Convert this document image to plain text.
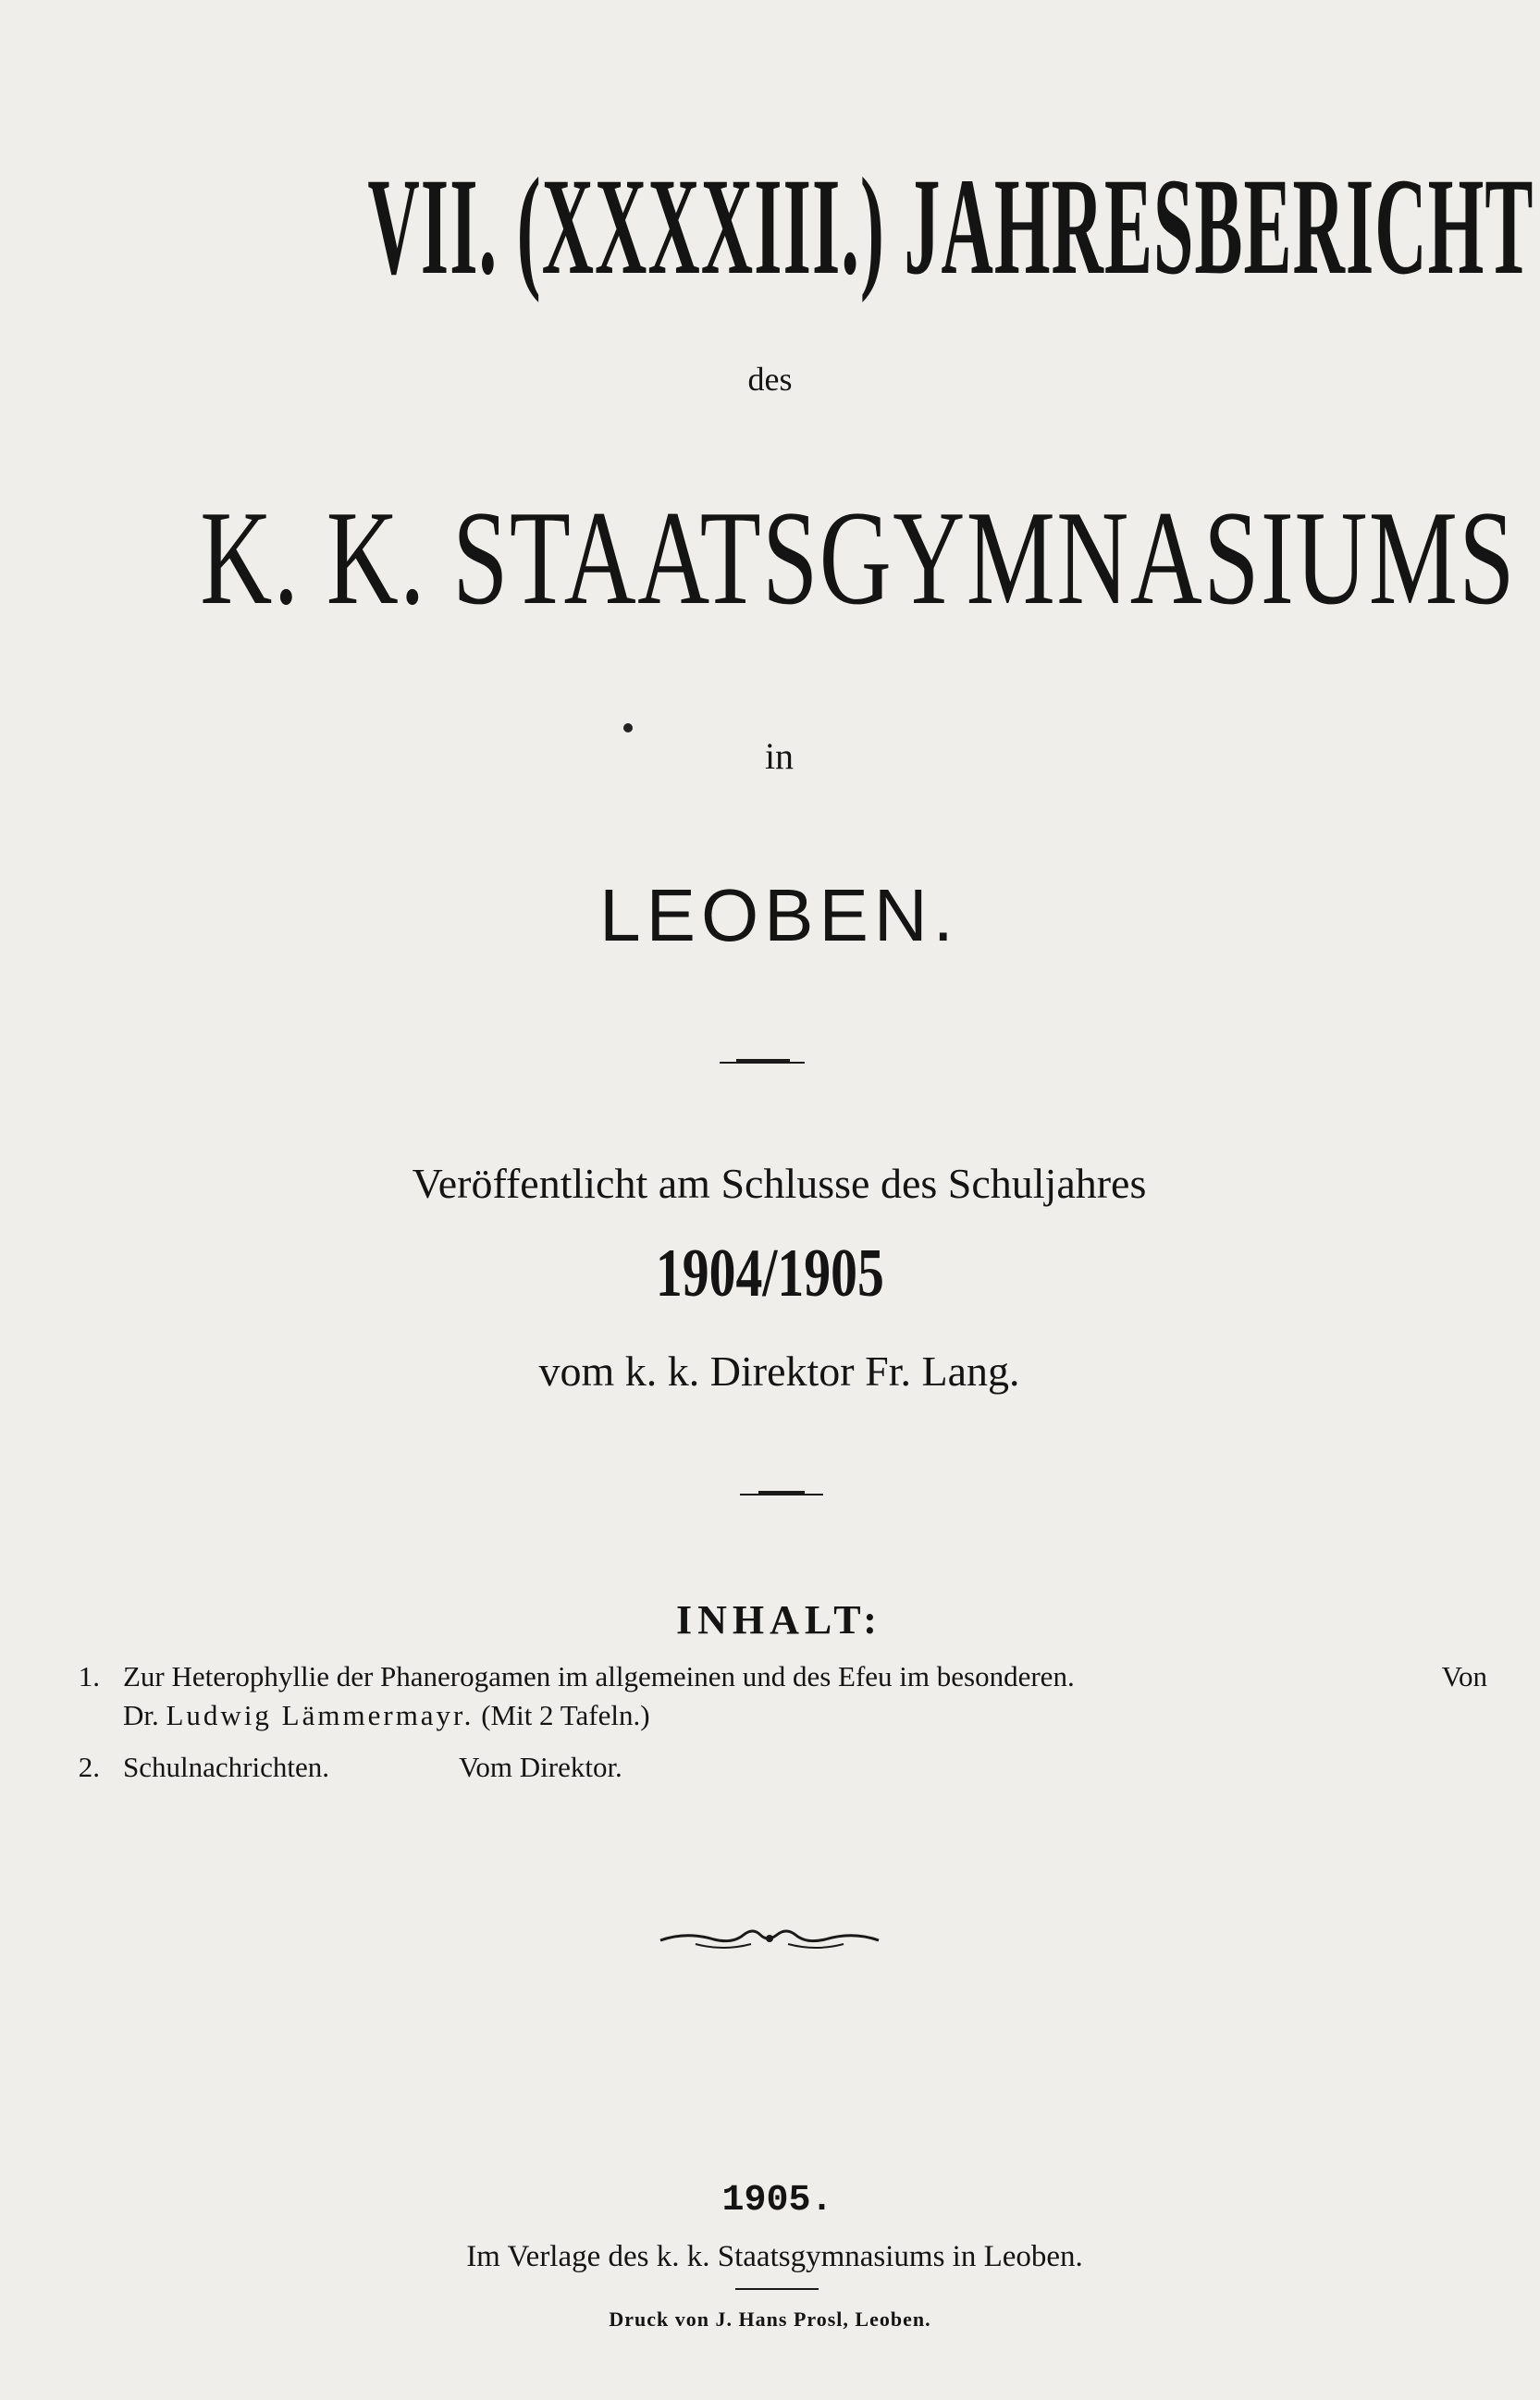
VII. (XXXXIII.) JAHRESBERICHT
des
K. K. STAATSGYMNASIUMS
in
LEOBEN.
Veröffentlicht am Schlusse des Schuljahres
1904/1905
vom k. k. Direktor Fr. Lang.
INHALT:
1. Zur Heterophyllie der Phanerogamen im allgemeinen und des Efeu im besonderen.	Von
Dr. Ludwig Lämmermayr. (Mit 2 Tafeln.)
2. Schulnachrichten.	Vom Direktor.
1905.
Im Verlage des k. k. Staatsgymnasiums in Leoben.
Druck von J. Hans Prosl, Leoben.
